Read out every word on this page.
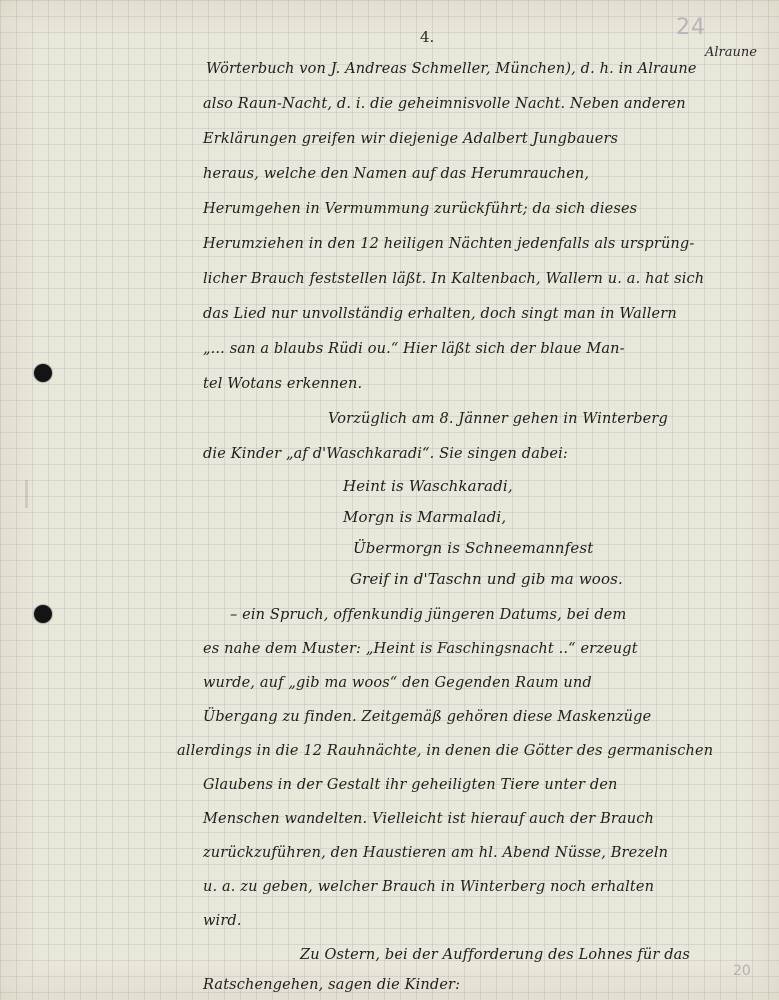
4.	24
20
Alraune
Wörterbuch von J. Andreas Schmeller, München), d. h. in Alraune
also Raun-Nacht, d. i. die geheimnisvolle Nacht. Neben anderen
Erklärungen greifen wir diejenige Adalbert Jungbauers
heraus, welche den Namen auf das Herumrauchen,
Herumgehen in Vermummung zurückführt; da sich dieses
Herumziehen in den 12 heiligen Nächten jedenfalls als ursprüng-
licher Brauch feststellen läßt. In Kaltenbach, Wallern u. a. hat sich
das Lied nur unvollständig erhalten, doch singt man in Wallern
„... san a blaubs Rüdi ou.“ Hier läßt sich der blaue Man-
tel Wotans erkennen.
Vorzüglich am 8. Jänner gehen in Winterberg
die Kinder „af d'Waschkaradi“. Sie singen dabei:
Heint is Waschkaradi,
Morgn is Marmaladi,
Übermorgn is Schneemannfest
Greif in d'Taschn und gib ma woos.
– ein Spruch, offenkundig jüngeren Datums, bei dem
es nahe dem Muster: „Heint is Faschingsnacht ..“ erzeugt
wurde, auf „gib ma woos“ den Gegenden Raum und
Übergang zu finden. Zeitgemäß gehören diese Maskenzüge
allerdings in die 12 Rauhnächte, in denen die Götter des germanischen
Glaubens in der Gestalt ihr geheiligten Tiere unter den
Menschen wandelten. Vielleicht ist hierauf auch der Brauch
zurückzuführen, den Haustieren am hl. Abend Nüsse, Brezeln
u. a. zu geben, welcher Brauch in Winterberg noch erhalten
wird.
Zu Ostern, bei der Aufforderung des Lohnes für das
Ratschengehen, sagen die Kinder:
